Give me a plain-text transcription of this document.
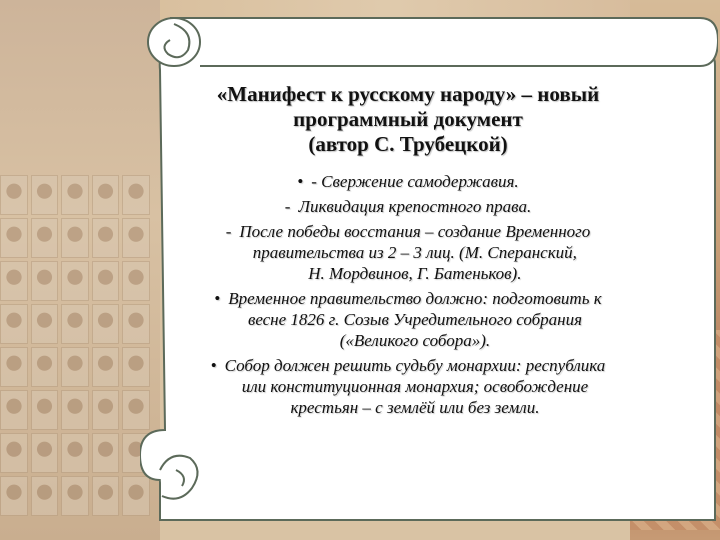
«Манифест к русскому народу» – новый
программный документ
(автор С. Трубецкой)
• - Свержение самодержавия.
- Ликвидация крепостного права.
- После победы восстания – создание Временного
правительства из 2 – 3 лиц. (М. Сперанский,
Н. Мордвинов, Г. Батеньков).
• Временное правительство должно: подготовить к
весне 1826 г. Созыв Учредительного собрания
(«Великого собора»).
• Собор должен решить судьбу монархии: республика
или конституционная монархия; освобождение
крестьян – с землёй или без земли.
